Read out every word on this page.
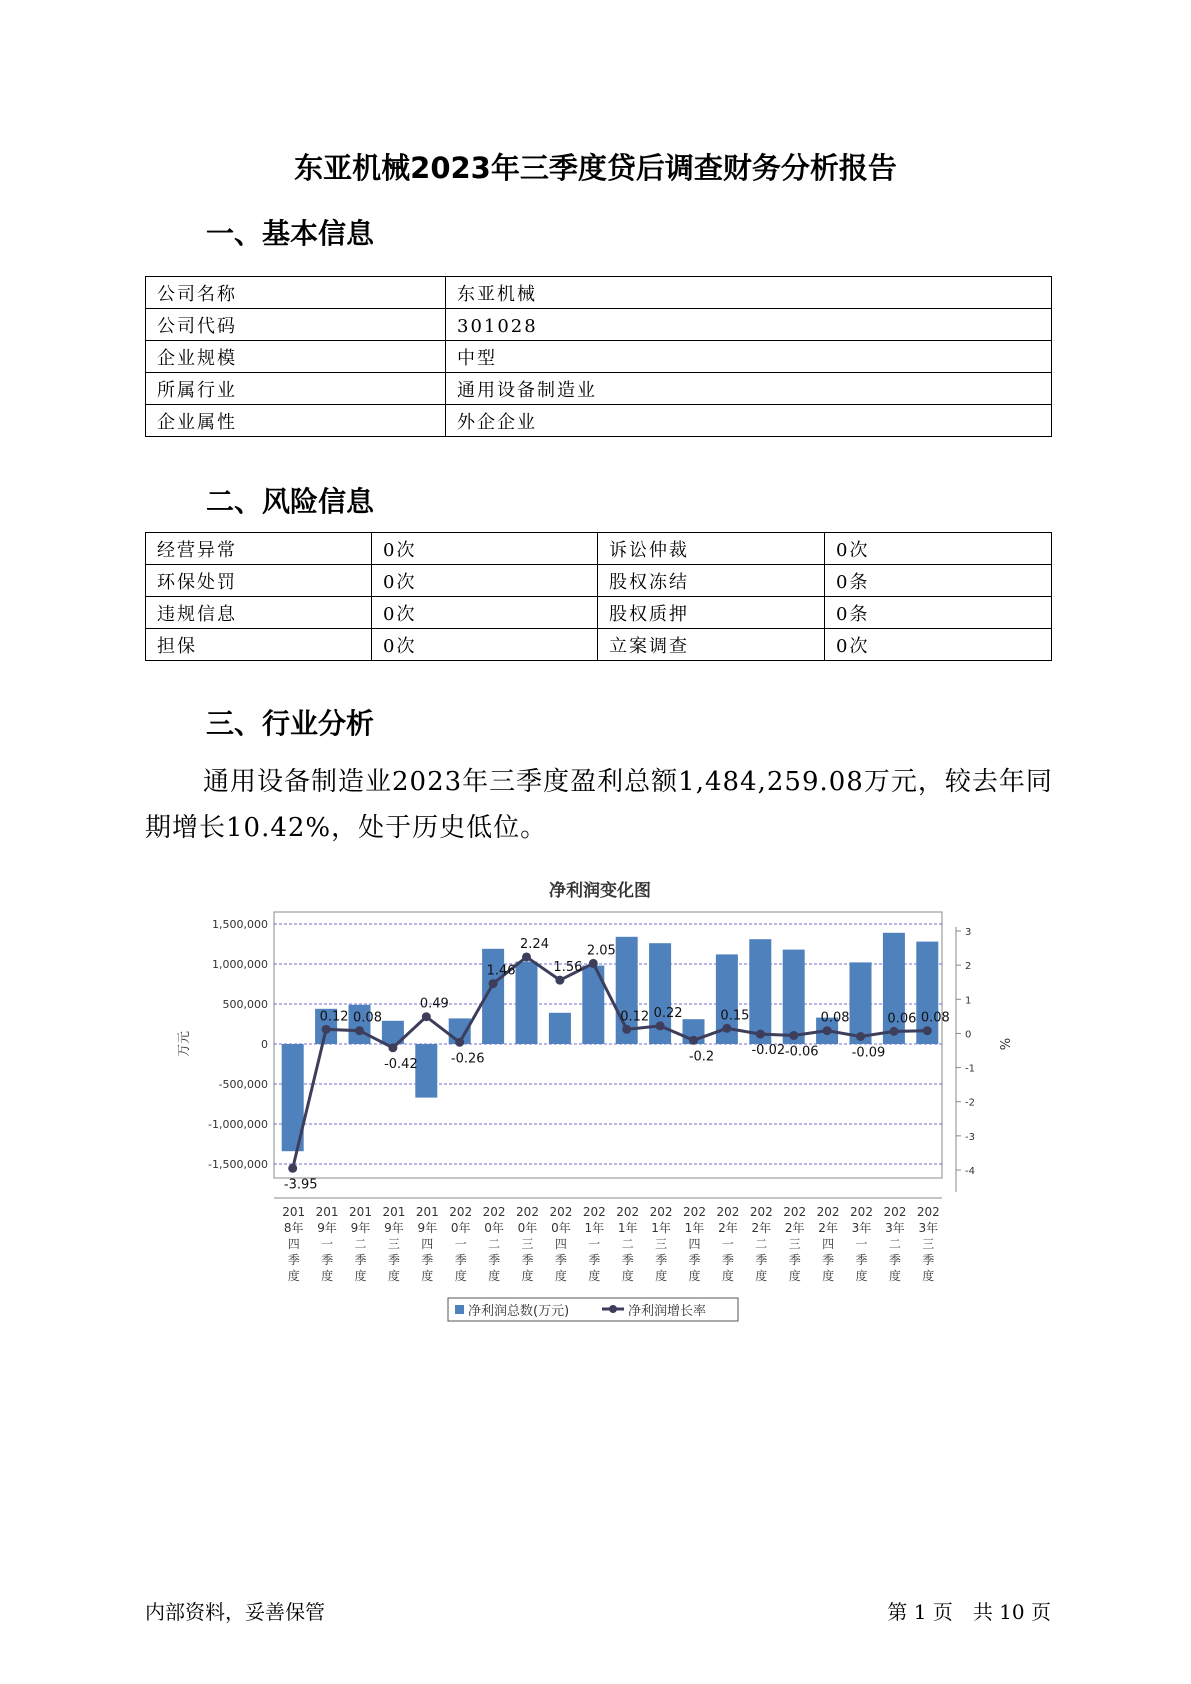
东亚机械2023年三季度贷后调查财务分析报告
一、基本信息
公司名称	东亚机械
公司代码	301028
企业规模	中型
所属行业	通用设备制造业
企业属性	外企企业
二、风险信息
经营异常	0次	诉讼仲裁	0次
环保处罚	0次	股权冻结	0条
违规信息	0次	股权质押	0条
担保	0次	立案调查	0次
三、行业分析
通用设备制造业2023年三季度盈利总额1,484,259.08万元，较去年同期增长10.42%，处于历史低位。
净利润变化图
1,500,000
1,000,000
500,000
0
-500,000
-1,000,000
-1,500,000
3
2
1
0
-1
-2
-3
-4
万元	%
-3.95
0.12 0.08
-0.42
0.49
-0.26
1.46
2.24
1.56
2.05
0.12 0.22
-0.2
0.15
-0.02 -0.06
0.08
-0.09
0.06 0.08
201
8年
四
季
度
201
9年
一
季
度
201
9年
二
季
度
201
9年
三
季
度
201
9年
四
季
度
202
0年
一
季
度
202
0年
二
季
度
202
0年
三
季
度
202
0年
四
季
度
202
1年
一
季
度
202
1年
二
季
度
202
1年
三
季
度
202
1年
四
季
度
202
2年
一
季
度
202
2年
二
季
度
202
2年
三
季
度
202
2年
四
季
度
202
3年
一
季
度
202
3年
二
季
度
202
3年
三
季
度
净利润总数(万元)	净利润增长率
内部资料，妥善保管	第 1 页　共 10 页
